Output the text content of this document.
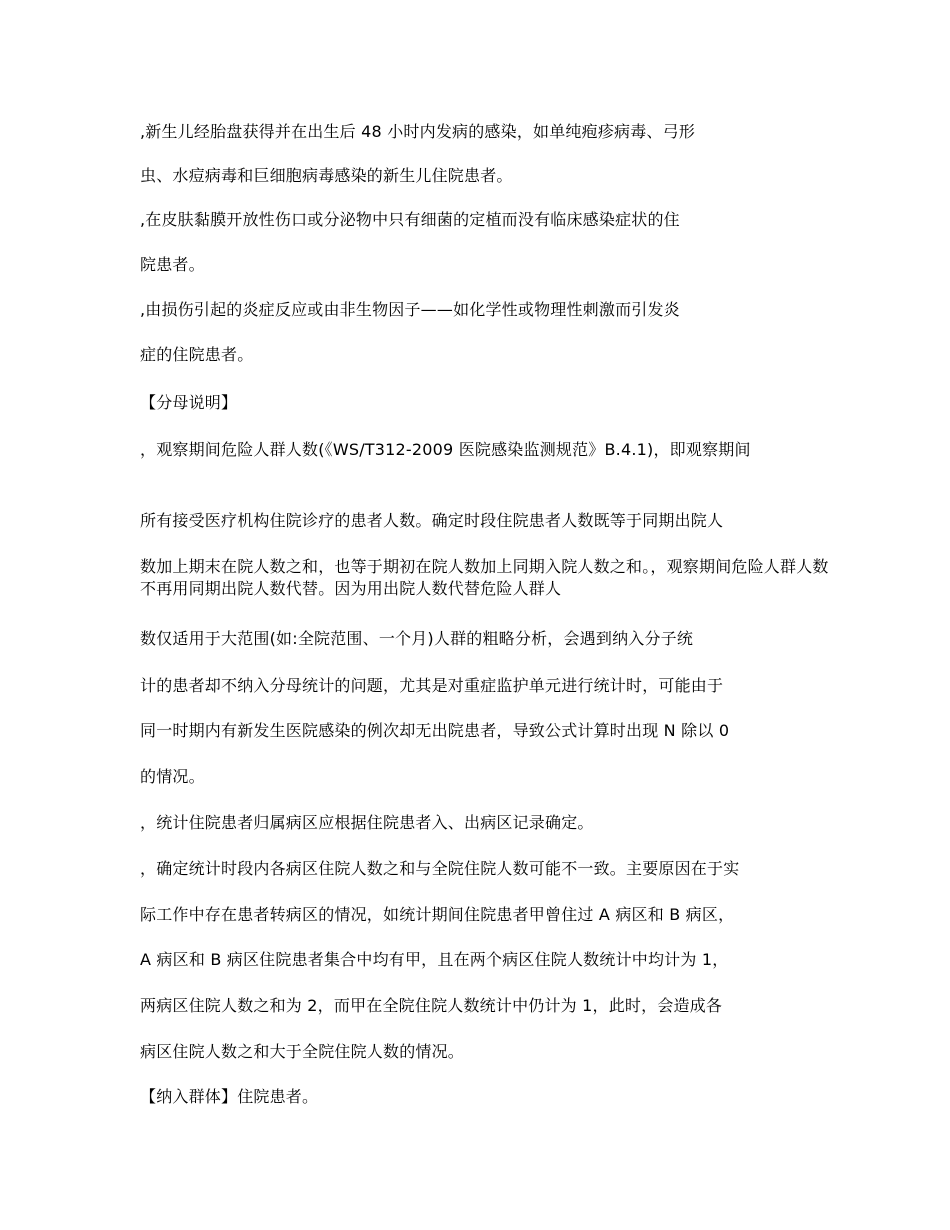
,新生儿经胎盘获得并在出生后 48 小时内发病的感染，如单纯疱疹病毒、弓形
虫、水痘病毒和巨细胞病毒感染的新生儿住院患者。
,在皮肤黏膜开放性伤口或分泌物中只有细菌的定植而没有临床感染症状的住
院患者。
,由损伤引起的炎症反应或由非生物因子——如化学性或物理性刺激而引发炎
症的住院患者。
【分母说明】
，观察期间危险人群人数(《WS/T312-2009 医院感染监测规范》B.4.1)，即观察期间
所有接受医疗机构住院诊疗的患者人数。确定时段住院患者人数既等于同期出院人
数加上期末在院人数之和，也等于期初在院人数加上同期入院人数之和。，观察期间危险人群人数不再用同期出院人数代替。因为用出院人数代替危险人群人
数仅适用于大范围(如:全院范围、一个月)人群的粗略分析，会遇到纳入分子统
计的患者却不纳入分母统计的问题，尤其是对重症监护单元进行统计时，可能由于
同一时期内有新发生医院感染的例次却无出院患者，导致公式计算时出现 N 除以 0
的情况。
，统计住院患者归属病区应根据住院患者入、出病区记录确定。
，确定统计时段内各病区住院人数之和与全院住院人数可能不一致。主要原因在于实
际工作中存在患者转病区的情况，如统计期间住院患者甲曾住过 A 病区和 B 病区，
A 病区和 B 病区住院患者集合中均有甲，且在两个病区住院人数统计中均计为 1，
两病区住院人数之和为 2，而甲在全院住院人数统计中仍计为 1，此时，会造成各
病区住院人数之和大于全院住院人数的情况。
【纳入群体】住院患者。
